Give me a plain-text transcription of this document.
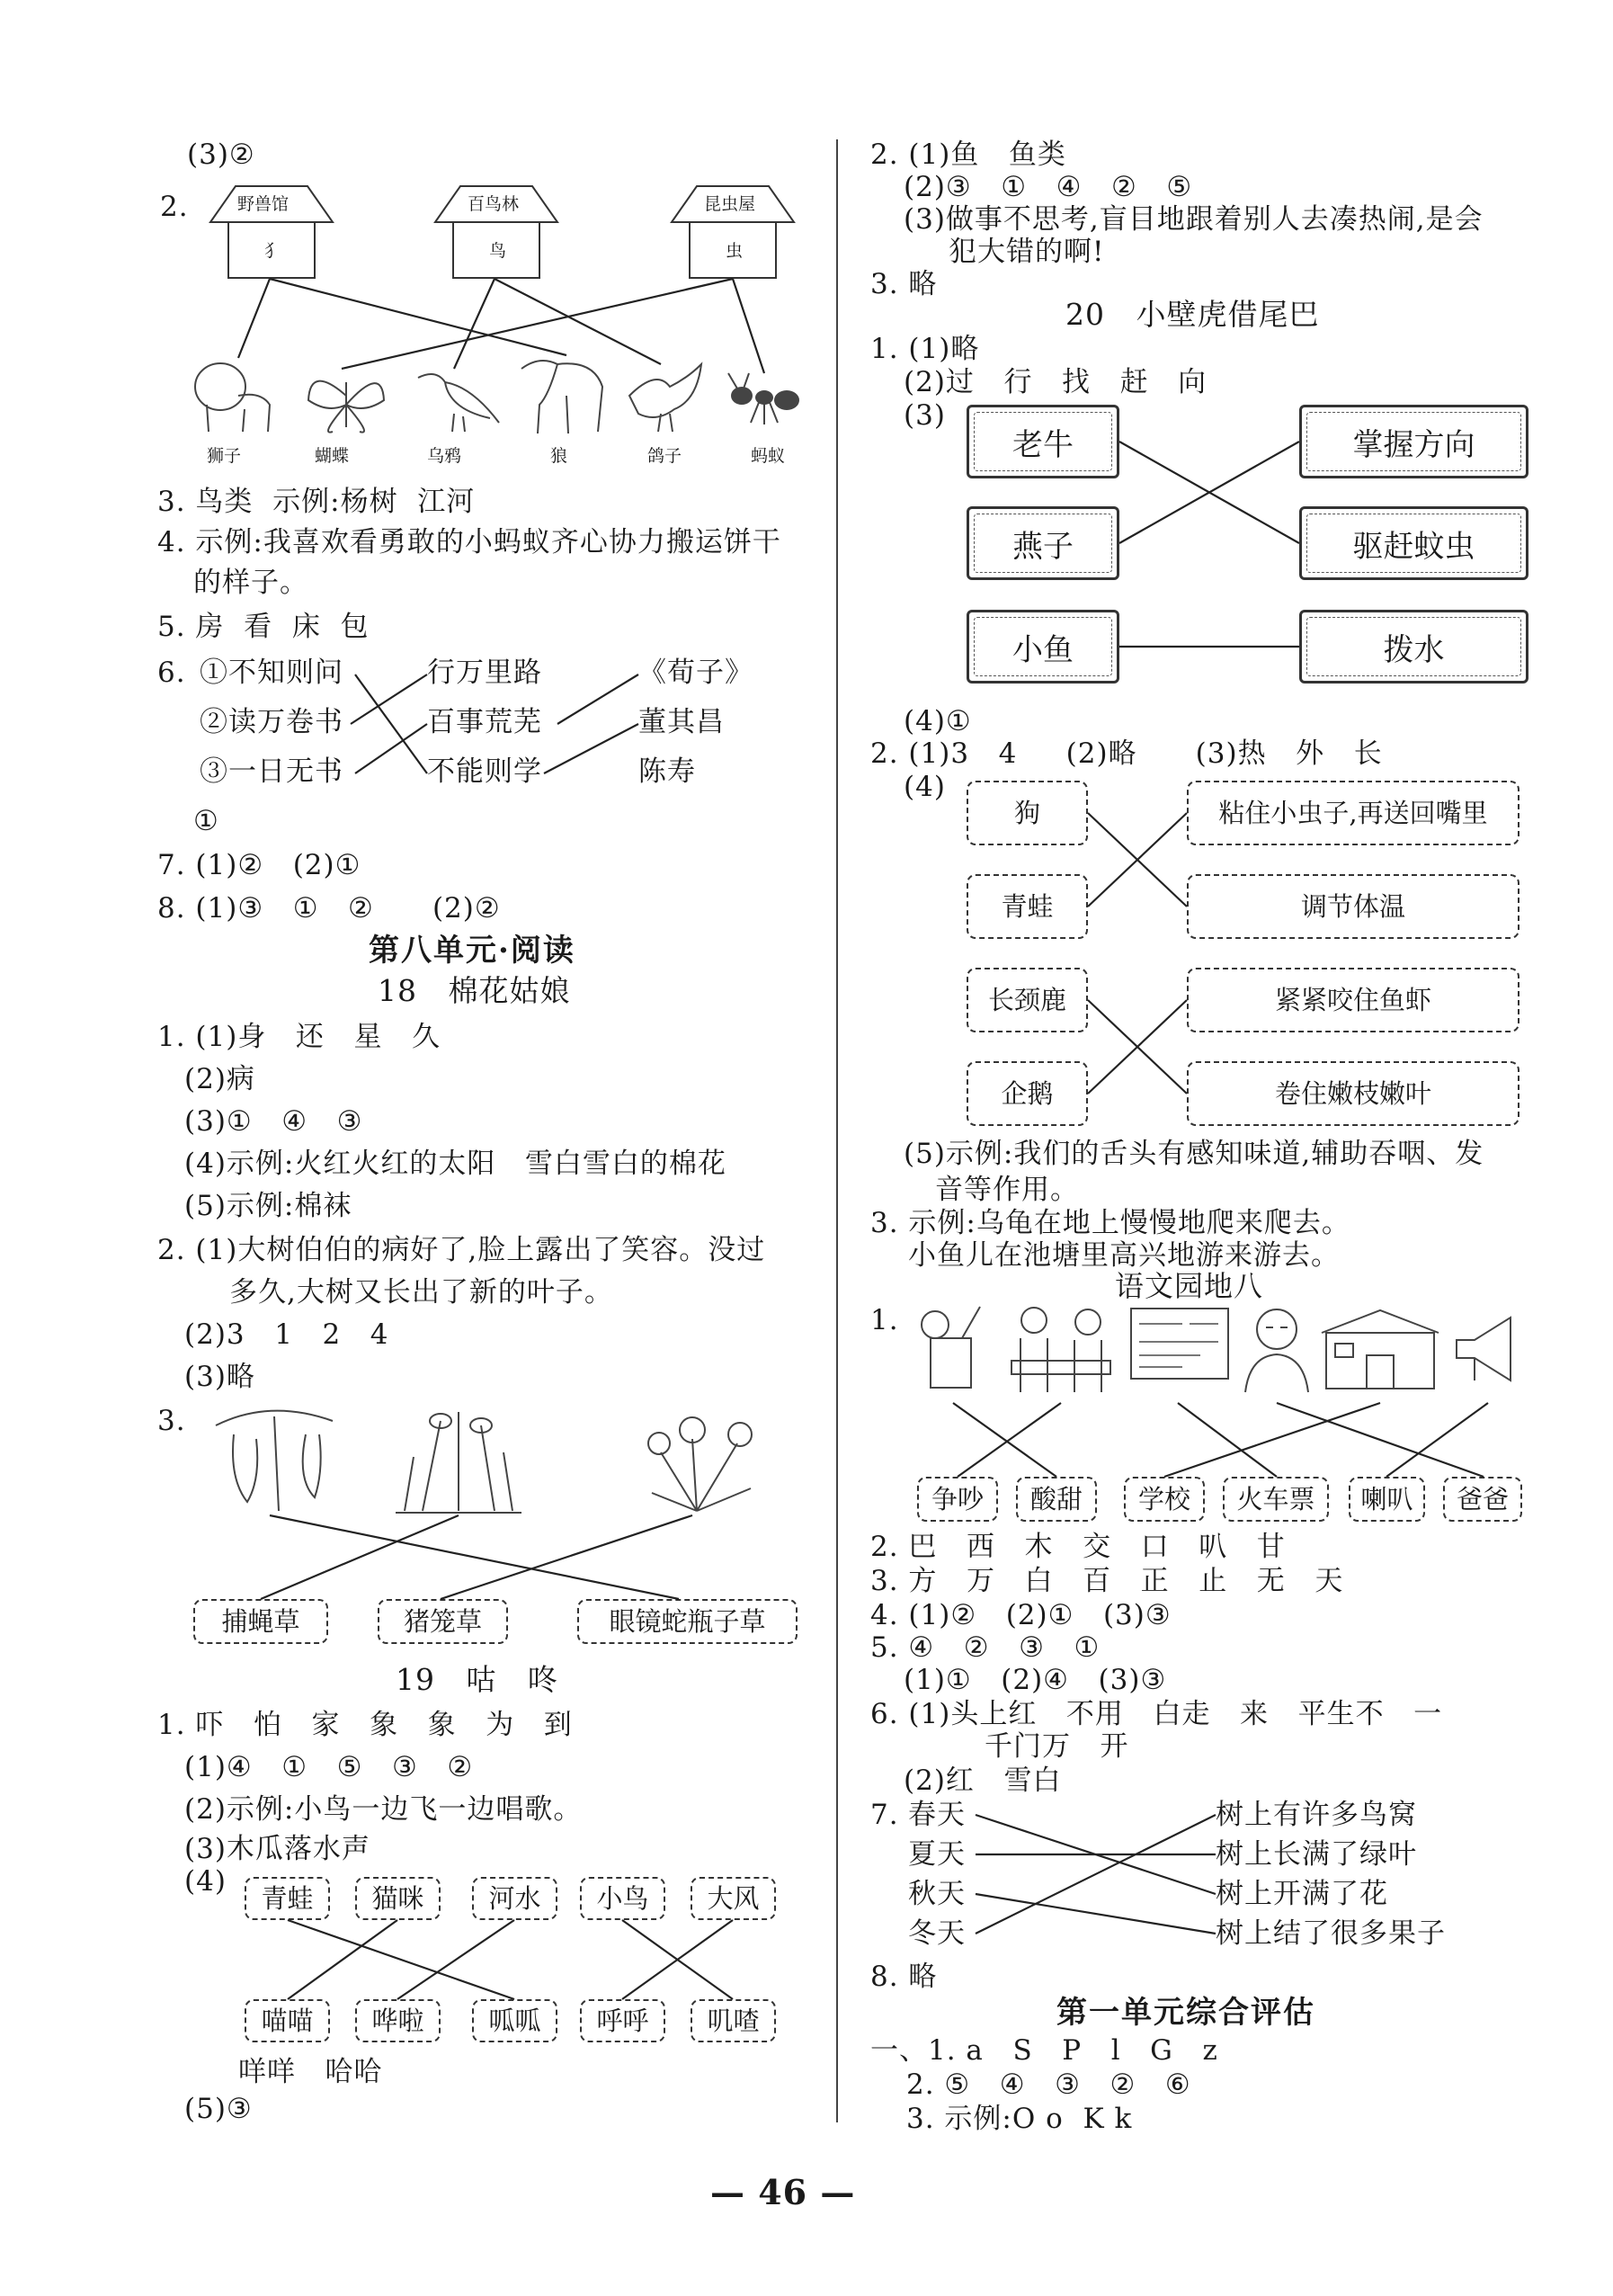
(3)②
2.	野兽馆
犭
百鸟林
鸟
昆虫屋
虫
狮子	蝴蝶	乌鸦	狼	鸽子	蚂蚁
3. 鸟类  示例:杨树  江河
4. 示例:我喜欢看勇敢的小蚂蚁齐心协力搬运饼干
的样子。
5. 房  看  床  包
6. ①不知则问
②读万卷书
③一日无书
行万里路
百事荒芜
不能则学
《荀子》
董其昌
陈寿
①
7. (1)②   (2)①
8. (1)③   ①   ②      (2)②
第八单元·阅读
18   棉花姑娘
1. (1)身   还   星   久
(2)病
(3)①   ④   ③
(4)示例:火红火红的太阳   雪白雪白的棉花
(5)示例:棉袜
2. (1)大树伯伯的病好了,脸上露出了笑容。没过
多久,大树又长出了新的叶子。
(2)3   1   2   4
(3)略
3.
捕蝇草	猪笼草	眼镜蛇瓶子草
19   咕   咚
1. 吓   怕   家   象   象   为   到
(1)④   ①   ⑤   ③   ②
(2)示例:小鸟一边飞一边唱歌。
(3)木瓜落水声
(4)
青蛙	猫咪	河水	小鸟	大风
喵喵	哗啦	呱呱	呼呼	叽喳
咩咩   哈哈
(5)③
2. (1)鱼   鱼类
(2)③   ①   ④   ②   ⑤
(3)做事不思考,盲目地跟着别人去凑热闹,是会
犯大错的啊!
3. 略
20   小壁虎借尾巴
1. (1)略
(2)过   行   找   赶   向
(3)
老牛
燕子
小鱼
掌握方向
驱赶蚊虫
拨水
(4)①
2. (1)3   4     (2)略      (3)热   外   长
(4)
狗
青蛙
长颈鹿
企鹅
粘住小虫子,再送回嘴里
调节体温
紧紧咬住鱼虾
卷住嫩枝嫩叶
(5)示例:我们的舌头有感知味道,辅助吞咽、发
音等作用。
3. 示例:乌龟在地上慢慢地爬来爬去。
小鱼儿在池塘里高兴地游来游去。
语文园地八
1.
争吵	酸甜	学校	火车票	喇叭	爸爸
2. 巴   西   木   交   口   叭   甘
3. 方   万   白   百   正   止   无   天
4. (1)②   (2)①   (3)③
5. ④   ②   ③   ①
(1)①   (2)④   (3)③
6. (1)头上红   不用   白走   来   平生不   一
千门万   开
(2)红   雪白
7. 春天
夏天
秋天
冬天
树上有许多鸟窝
树上长满了绿叶
树上开满了花
树上结了很多果子
8. 略
第一单元综合评估
一、1. a   S   P   l   G   z
2. ⑤   ④   ③   ②   ⑥
3. 示例:O o  K k
— 46 —
